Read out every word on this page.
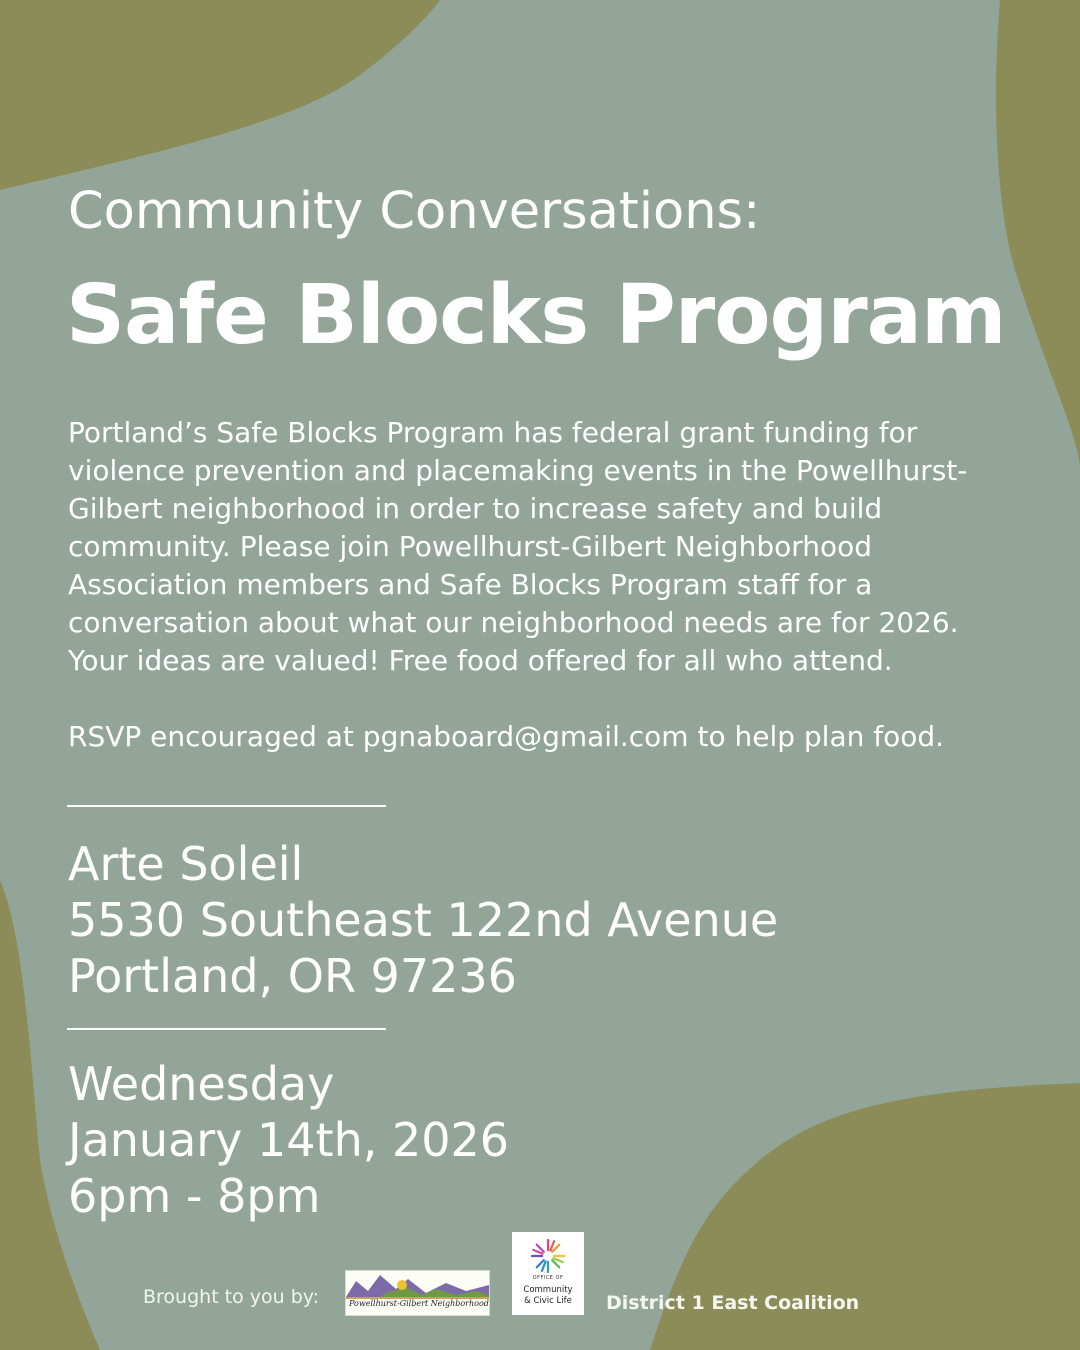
Community Conversations:
Safe Blocks Program
Portland’s Safe Blocks Program has federal grant funding for
violence prevention and placemaking events in the Powellhurst-
Gilbert neighborhood in order to increase safety and build
community. Please join Powellhurst-Gilbert Neighborhood
Association members and Safe Blocks Program staff for a
conversation about what our neighborhood needs are for 2026.
Your ideas are valued! Free food offered for all who attend.
RSVP encouraged at pgnaboard@gmail.com to help plan food.
Arte Soleil
5530 Southeast 122nd Avenue
Portland, OR 97236
Wednesday
January 14th, 2026
6pm - 8pm
Brought to you by:	Powellhurst-Gilbert Neighborhood
OFFICE OF
Community
& Civic Life	District 1 East Coalition
